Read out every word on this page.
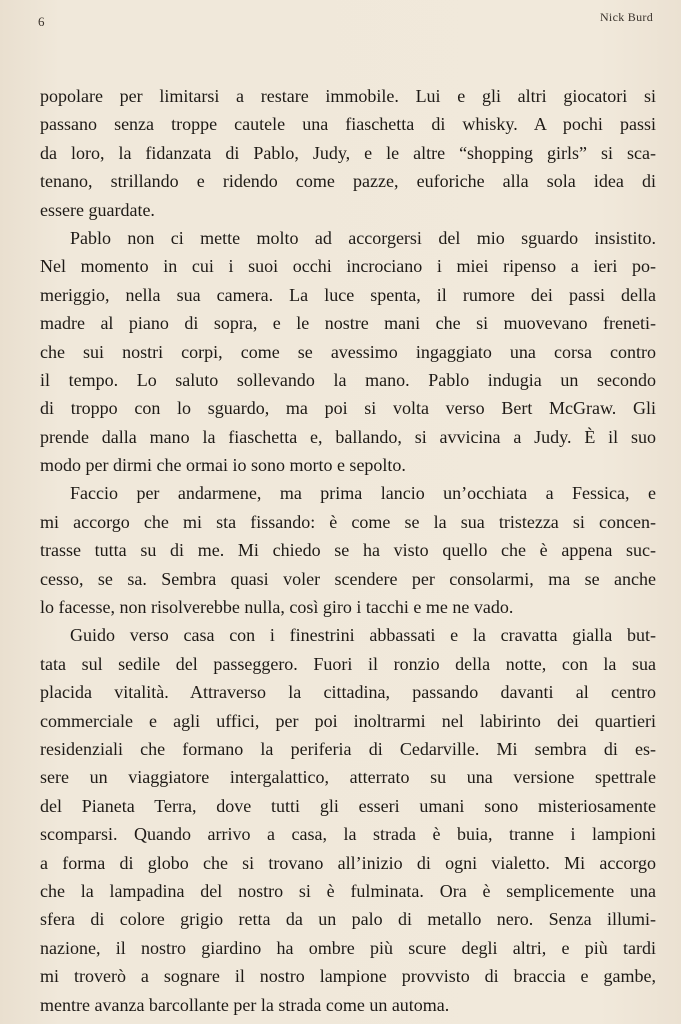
6	Nick Burd
popolare per limitarsi a restare immobile. Lui e gli altri giocatori si
passano senza troppe cautele una fiaschetta di whisky. A pochi passi
da loro, la fidanzata di Pablo, Judy, e le altre “shopping girls” si sca-
tenano, strillando e ridendo come pazze, euforiche alla sola idea di
essere guardate.
Pablo non ci mette molto ad accorgersi del mio sguardo insistito.
Nel momento in cui i suoi occhi incrociano i miei ripenso a ieri po-
meriggio, nella sua camera. La luce spenta, il rumore dei passi della
madre al piano di sopra, e le nostre mani che si muovevano freneti-
che sui nostri corpi, come se avessimo ingaggiato una corsa contro
il tempo. Lo saluto sollevando la mano. Pablo indugia un secondo
di troppo con lo sguardo, ma poi si volta verso Bert McGraw. Gli
prende dalla mano la fiaschetta e, ballando, si avvicina a Judy. È il suo
modo per dirmi che ormai io sono morto e sepolto.
Faccio per andarmene, ma prima lancio un’occhiata a Fessica, e
mi accorgo che mi sta fissando: è come se la sua tristezza si concen-
trasse tutta su di me. Mi chiedo se ha visto quello che è appena suc-
cesso, se sa. Sembra quasi voler scendere per consolarmi, ma se anche
lo facesse, non risolverebbe nulla, così giro i tacchi e me ne vado.
Guido verso casa con i finestrini abbassati e la cravatta gialla but-
tata sul sedile del passeggero. Fuori il ronzio della notte, con la sua
placida vitalità. Attraverso la cittadina, passando davanti al centro
commerciale e agli uffici, per poi inoltrarmi nel labirinto dei quartieri
residenziali che formano la periferia di Cedarville. Mi sembra di es-
sere un viaggiatore intergalattico, atterrato su una versione spettrale
del Pianeta Terra, dove tutti gli esseri umani sono misteriosamente
scomparsi. Quando arrivo a casa, la strada è buia, tranne i lampioni
a forma di globo che si trovano all’inizio di ogni vialetto. Mi accorgo
che la lampadina del nostro si è fulminata. Ora è semplicemente una
sfera di colore grigio retta da un palo di metallo nero. Senza illumi-
nazione, il nostro giardino ha ombre più scure degli altri, e più tardi
mi troverò a sognare il nostro lampione provvisto di braccia e gambe,
mentre avanza barcollante per la strada come un automa.
